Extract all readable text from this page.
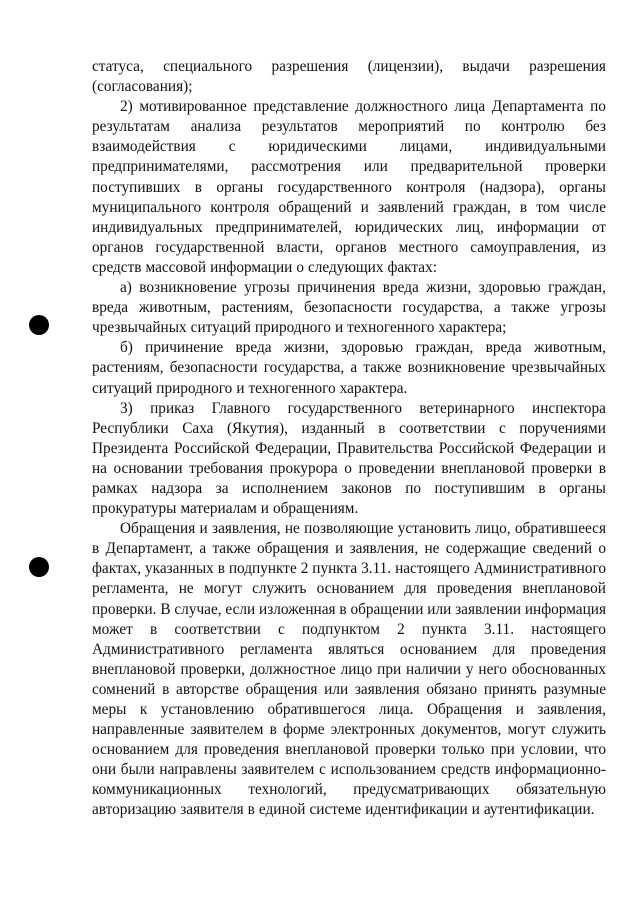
статуса, специального разрешения (лицензии), выдачи разрешения
(согласования);
2) мотивированное представление должностного лица Департамента по
результатам анализа результатов мероприятий по контролю без
взаимодействия с юридическими лицами, индивидуальными
предпринимателями, рассмотрения или предварительной проверки
поступивших в органы государственного контроля (надзора), органы
муниципального контроля обращений и заявлений граждан, в том числе
индивидуальных предпринимателей, юридических лиц, информации от
органов государственной власти, органов местного самоуправления, из
средств массовой информации о следующих фактах:
а) возникновение угрозы причинения вреда жизни, здоровью граждан,
вреда животным, растениям, безопасности государства, а также угрозы
чрезвычайных ситуаций природного и техногенного характера;
б) причинение вреда жизни, здоровью граждан, вреда животным,
растениям, безопасности государства, а также возникновение чрезвычайных
ситуаций природного и техногенного характера.
3) приказ Главного государственного ветеринарного инспектора
Республики Саха (Якутия), изданный в соответствии с поручениями
Президента Российской Федерации, Правительства Российской Федерации и
на основании требования прокурора о проведении внеплановой проверки в
рамках надзора за исполнением законов по поступившим в органы
прокуратуры материалам и обращениям.
Обращения и заявления, не позволяющие установить лицо, обратившееся
в Департамент, а также обращения и заявления, не содержащие сведений о
фактах, указанных в подпункте 2 пункта 3.11. настоящего Административного
регламента, не могут служить основанием для проведения внеплановой
проверки. В случае, если изложенная в обращении или заявлении информация
может в соответствии с подпунктом 2 пункта 3.11. настоящего
Административного регламента являться основанием для проведения
внеплановой проверки, должностное лицо при наличии у него обоснованных
сомнений в авторстве обращения или заявления обязано принять разумные
меры к установлению обратившегося лица. Обращения и заявления,
направленные заявителем в форме электронных документов, могут служить
основанием для проведения внеплановой проверки только при условии, что
они были направлены заявителем с использованием средств информационно-
коммуникационных технологий, предусматривающих обязательную
авторизацию заявителя в единой системе идентификации и аутентификации.
